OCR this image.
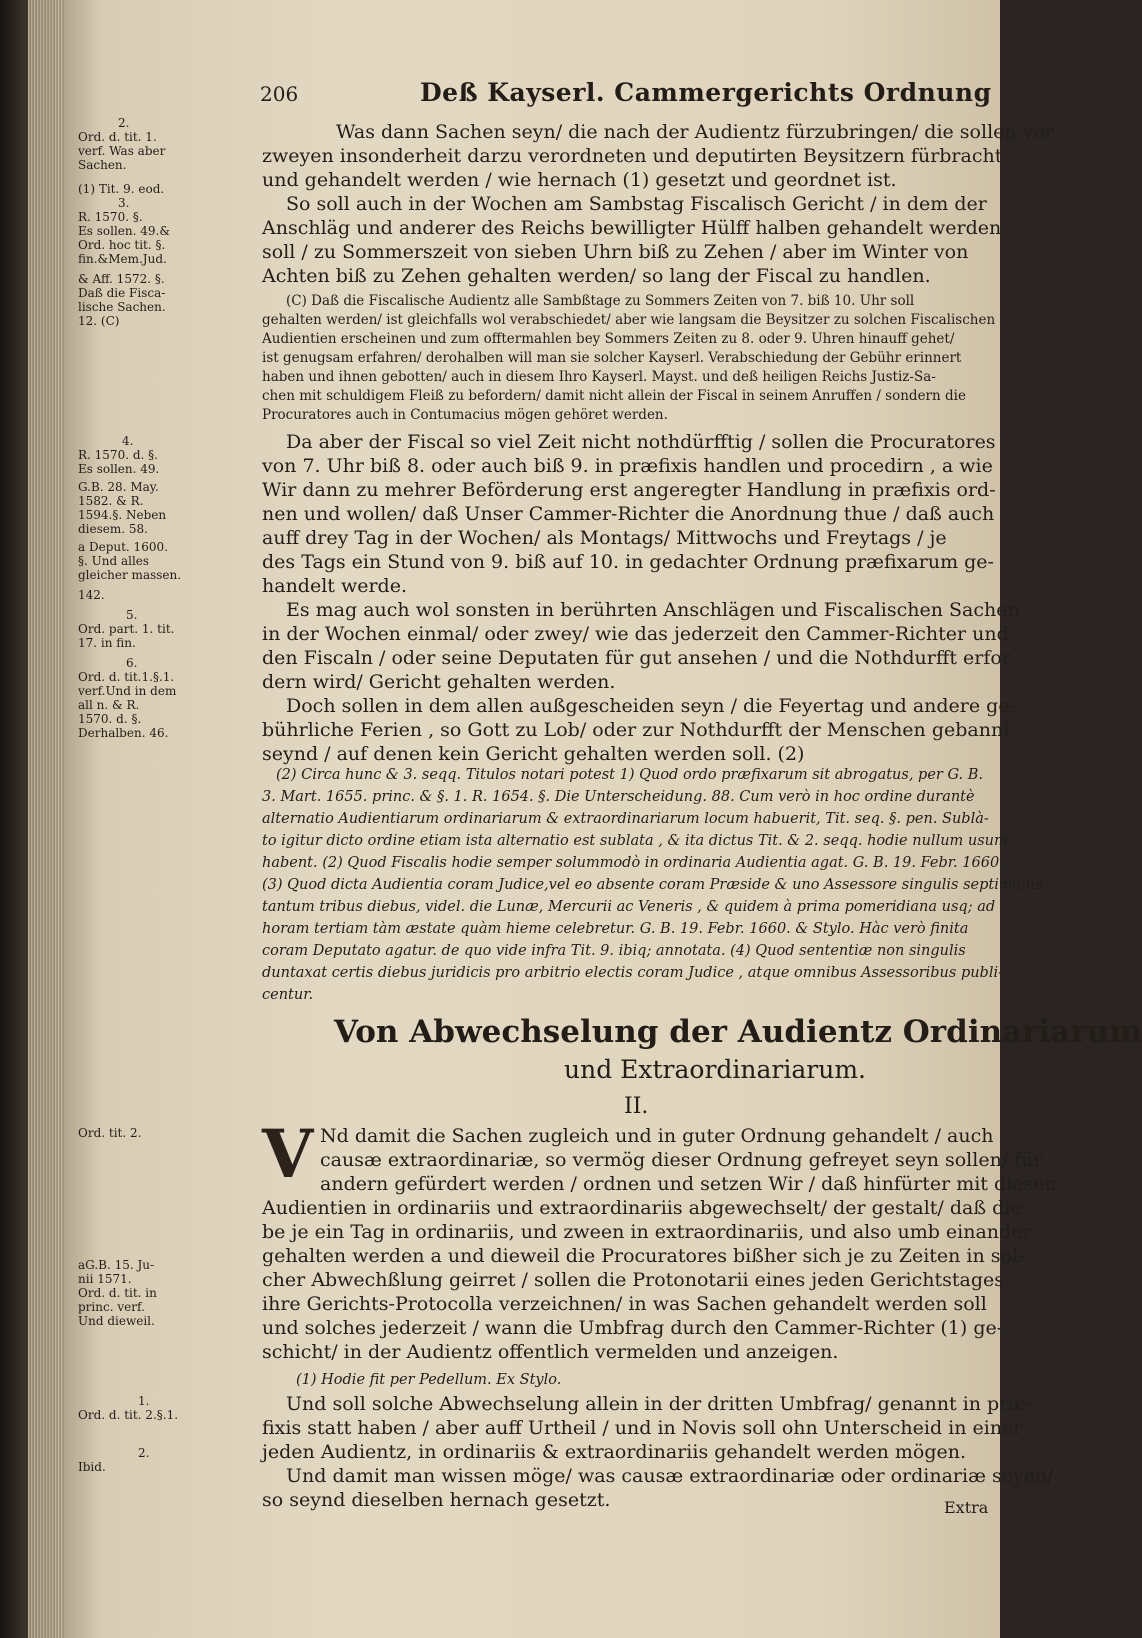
206	Deß Kayserl. Cammergerichts Ordnung
2.
Ord. d. tit. 1.
verf. Was aber
Sachen.
(1) Tit. 9. eod.
3.
R. 1570. §.
Es sollen. 49.&
Ord. hoc tit. §.
fin.&Mem.Jud.
& Aff. 1572. §.
Daß die Fisca-
lische Sachen.
12. (C)
4.
R. 1570. d. §.
Es sollen. 49.
G.B. 28. May.
1582. & R.
1594.§. Neben
diesem. 58.
a Deput. 1600.
§. Und alles
gleicher massen.
142.
5.
Ord. part. 1. tit.
17. in fin.
6.
Ord. d. tit.1.§.1.
verf.Und in dem
all n. & R.
1570. d. §.
Derhalben. 46.
Ord. tit. 2.
aG.B. 15. Ju-
nii 1571.
Ord. d. tit. in
princ. verf.
Und dieweil.
1.
Ord. d. tit. 2.§.1.
2.
Ibid.
Was dann Sachen seyn/ die nach der Audientz fürzubringen/ die sollen vor
zweyen insonderheit darzu verordneten und deputirten Beysitzern fürbracht
und gehandelt werden / wie hernach (1) gesetzt und geordnet ist.
So soll auch in der Wochen am Sambstag Fiscalisch Gericht / in dem der
Anschläg und anderer des Reichs bewilligter Hülff halben gehandelt werden
soll / zu Sommerszeit von sieben Uhrn biß zu Zehen / aber im Winter von
Achten biß zu Zehen gehalten werden/ so lang der Fiscal zu handlen.
(C) Daß die Fiscalische Audientz alle Sambßtage zu Sommers Zeiten von 7. biß 10. Uhr soll
gehalten werden/ ist gleichfalls wol verabschiedet/ aber wie langsam die Beysitzer zu solchen Fiscalischen
Audientien erscheinen und zum offtermahlen bey Sommers Zeiten zu 8. oder 9. Uhren hinauff gehet/
ist genugsam erfahren/ derohalben will man sie solcher Kayserl. Verabschiedung der Gebühr erinnert
haben und ihnen gebotten/ auch in diesem Ihro Kayserl. Mayst. und deß heiligen Reichs Justiz-Sa-
chen mit schuldigem Fleiß zu befordern/ damit nicht allein der Fiscal in seinem Anruffen / sondern die
Procuratores auch in Contumacius mögen gehöret werden.
Da aber der Fiscal so viel Zeit nicht nothdürfftig / sollen die Procuratores
von 7. Uhr biß 8. oder auch biß 9. in præfixis handlen und procedirn , a wie
Wir dann zu mehrer Beförderung erst angeregter Handlung in præfixis ord-
nen und wollen/ daß Unser Cammer-Richter die Anordnung thue / daß auch
auff drey Tag in der Wochen/ als Montags/ Mittwochs und Freytags / je
des Tags ein Stund von 9. biß auf 10. in gedachter Ordnung præfixarum ge-
handelt werde.
Es mag auch wol sonsten in berührten Anschlägen und Fiscalischen Sachen
in der Wochen einmal/ oder zwey/ wie das jederzeit den Cammer-Richter und
den Fiscaln / oder seine Deputaten für gut ansehen / und die Nothdurfft erfor-
dern wird/ Gericht gehalten werden.
Doch sollen in dem allen außgescheiden seyn / die Feyertag und andere ge-
bührliche Ferien , so Gott zu Lob/ oder zur Nothdurfft der Menschen gebanni
seynd / auf denen kein Gericht gehalten werden soll. (2)
(2) Circa hunc & 3. seqq. Titulos notari potest 1) Quod ordo præfixarum sit abrogatus, per G. B.
3. Mart. 1655. princ. & §. 1. R. 1654. §. Die Unterscheidung. 88. Cum verò in hoc ordine durantè
alternatio Audientiarum ordinariarum & extraordinariarum locum habuerit, Tit. seq. §. pen. Sublà-
to igitur dicto ordine etiam ista alternatio est sublata , & ita dictus Tit. & 2. seqq. hodie nullum usum
habent. (2) Quod Fiscalis hodie semper solummodò in ordinaria Audientia agat. G. B. 19. Febr. 1660.
(3) Quod dicta Audientia coram Judice,vel eo absente coram Præside & uno Assessore singulis septimanis
tantum tribus diebus, videl. die Lunæ, Mercurii ac Veneris , & quidem à prima pomeridiana usq; ad
horam tertiam tàm æstate quàm hieme celebretur. G. B. 19. Febr. 1660. & Stylo. Hàc verò finita
coram Deputato agatur. de quo vide infra Tit. 9. ibiq; annotata. (4) Quod sententiæ non singulis
duntaxat certis diebus juridicis pro arbitrio electis coram Judice , atque omnibus Assessoribus publi-
centur.
Von Abwechselung der Audientz Ordinariarum
und Extraordinariarum.
II.
V Nd damit die Sachen zugleich und in guter Ordnung gehandelt / auch
causæ extraordinariæ, so vermög dieser Ordnung gefreyet seyn sollen/ für
andern gefürdert werden / ordnen und setzen Wir / daß hinfürter mit diesen
Audientien in ordinariis und extraordinariis abgewechselt/ der gestalt/ daß die
be je ein Tag in ordinariis, und zween in extraordinariis, und also umb einander
gehalten werden a und dieweil die Procuratores bißher sich je zu Zeiten in sol-
cher Abwechßlung geirret / sollen die Protonotarii eines jeden Gerichtstages
ihre Gerichts-Protocolla verzeichnen/ in was Sachen gehandelt werden soll
und solches jederzeit / wann die Umbfrag durch den Cammer-Richter (1) ge-
schicht/ in der Audientz offentlich vermelden und anzeigen.
(1) Hodie fit per Pedellum. Ex Stylo.
Und soll solche Abwechselung allein in der dritten Umbfrag/ genannt in præ-
fixis statt haben / aber auff Urtheil / und in Novis soll ohn Unterscheid in einer
jeden Audientz, in ordinariis & extraordinariis gehandelt werden mögen.
Und damit man wissen möge/ was causæ extraordinariæ oder ordinariæ seyen/
so seynd dieselben hernach gesetzt.	Extra
